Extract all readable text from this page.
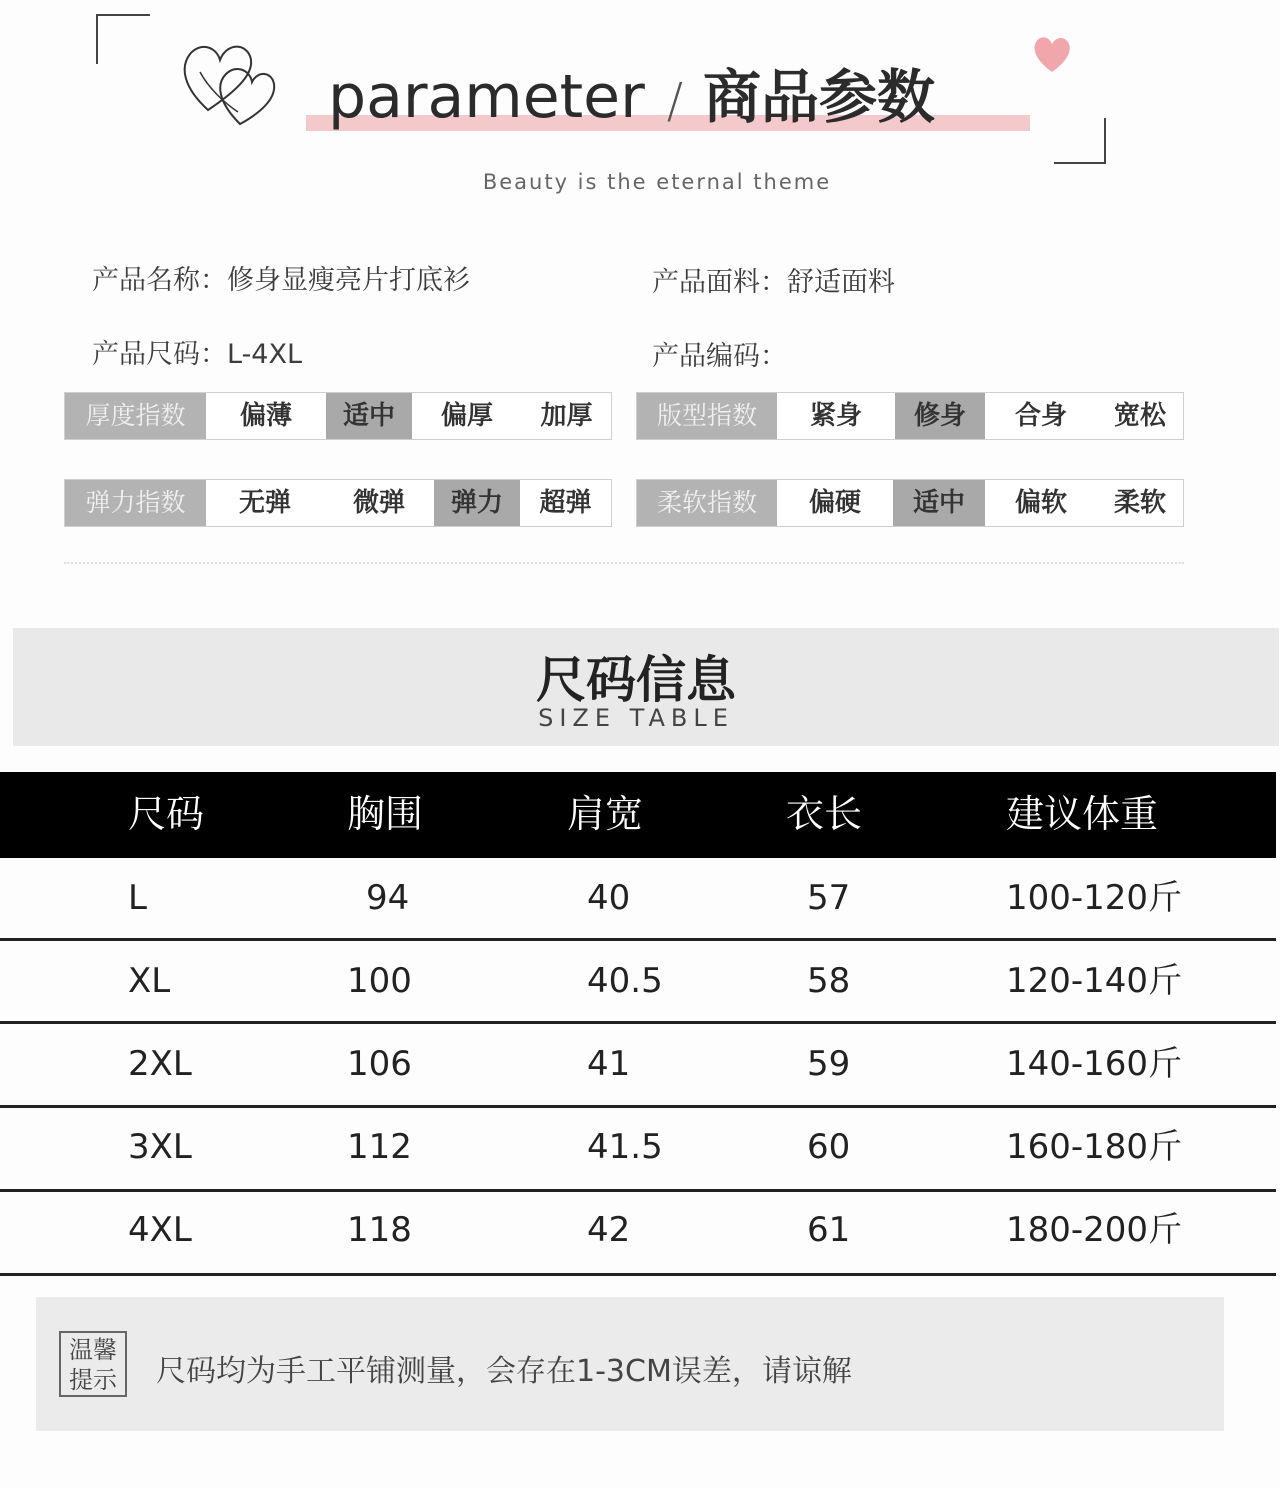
parameter / 商品参数
Beauty is the eternal theme
产品名称：修身显瘦亮片打底衫	产品面料：舒适面料
产品尺码：L-4XL	产品编码：
厚度指数	偏薄	适中	偏厚	加厚	版型指数	紧身	修身	合身	宽松
弹力指数	无弹	微弹	弹力	超弹	柔软指数	偏硬	适中	偏软	柔软
尺码信息
SIZE TABLE
尺码	胸围	肩宽	衣长	建议体重
L	94	40	57	100-120斤
XL	100	40.5	58	120-140斤
2XL	106	41	59	140-160斤
3XL	112	41.5	60	160-180斤
4XL	118	42	61	180-200斤
温馨
提示 尺码均为手工平铺测量，会存在1-3CM误差，请谅解
